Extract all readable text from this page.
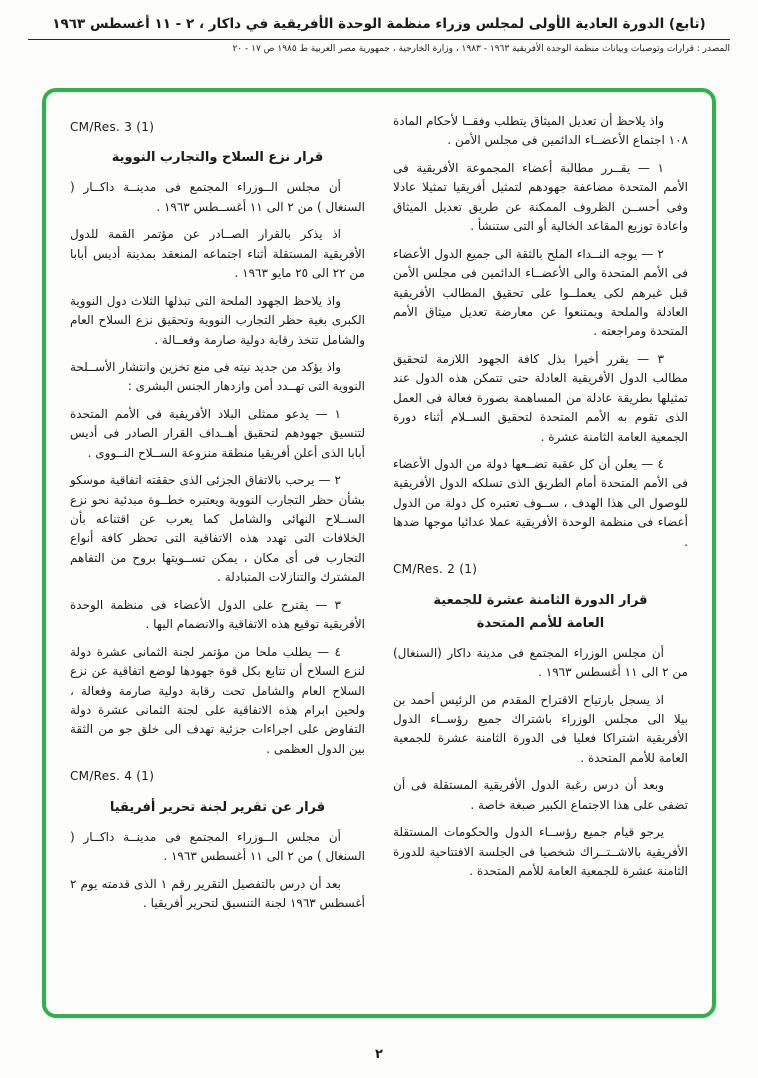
(تابع) الدورة العادية الأولى لمجلس وزراء منظمة الوحدة الأفريقية في داكار ، ٢ - ١١ أغسطس ١٩٦٣
المصدر : قرارات وتوصيات وبيانات منظمة الوحدة الأفريقية ١٩٦٣ - ١٩٨٣ ، وزارة الخارجية ، جمهورية مصر العربية ط ١٩٨٥ ص ١٧ - ٢٠

واذ يلاحظ أن تعديل الميثاق يتطلب وفقــا لأحكام المادة ١٠٨ اجتماع الأعضــاء الدائمين فى مجلس الأمن .

١ — يقــرر مطالبة أعضاء المجموعة الأفريقية فى الأمم المتحدة مضاعفة جهودهم لتمثيل أفريقيا تمثيلا عادلا وفى أحســن الظروف الممكنة عن طريق تعديل الميثاق واعادة توزيع المقاعد الخالية أو التى ستنشأ .

٢ — يوجه النــداء الملح بالثقة الى جميع الدول الأعضاء فى الأمم المتحدة والى الأعضــاء الدائمين فى مجلس الأمن قبل غيرهم لكى يعملــوا على تحقيق المطالب الأفريقية العادلة والملحة ويمتنعوا عن معارضة تعديل ميثاق الأمم المتحدة ومراجعته .

٣ — يقرر أخيرا بذل كافة الجهود اللازمة لتحقيق مطالب الدول الأفريقية العادلة حتى تتمكن هذه الدول عند تمثيلها بطريقة عادلة من المساهمة بصورة فعالة فى العمل الذى تقوم به الأمم المتحدة لتحقيق الســلام أثناء دورة الجمعية العامة الثامنة عشرة .

٤ — يعلن أن كل عقبة تضــعها دولة من الدول الأعضاء فى الأمم المتحدة أمام الطريق الذى تسلكه الدول الأفريقية للوصول الى هذا الهدف ، ســوف تعتبره كل دولة من الدول أعضاء فى منظمة الوحدة الأفريقية عملا عدائيا موجها ضدها .

CM/Res. 2 (1)

قرار الدورة الثامنة عشرة للجمعية

العامة للأمم المتحدة

أن مجلس الوزراء المجتمع فى مدينة داكار (السنغال) من ٢ الى ١١ أغسطس ١٩٦٣ .

اذ يسجل بارتياح الاقتراح المقدم من الرئيس أحمد بن بيلا الى مجلس الوزراء باشتراك جميع رؤســاء الدول الأفريقية اشتراكا فعليا فى الدورة الثامنة عشرة للجمعية العامة للأمم المتحدة .

وبعد أن درس رغبة الدول الأفريقية المستقلة فى أن تضفى على هذا الاجتماع الكبير صبغة خاصة .

يرجو قيام جميع رؤســاء الدول والحكومات المستقلة الأفريقية بالاشــتــراك شخصيا فى الجلسة الافتتاحية للدورة الثامنة عشرة للجمعية العامة للأمم المتحدة .

CM/Res. 3 (1)

قرار نزع السلاح والتجارب النووية

أن مجلس الــوزراء المجتمع فى مدينــة داكــار ( السنغال ) من ٢ الى ١١ أغســطس ١٩٦٣ .

اذ يذكر بالقرار الصــادر عن مؤتمر القمة للدول الأفريقية المستقلة أثناء اجتماعه المنعقد بمدينة أديس أبابا من ٢٢ الى ٢٥ مايو ١٩٦٣ .

واذ يلاحظ الجهود الملحة التى تبذلها الثلاث دول النووية الكبرى بغية حظر التجارب النووية وتحقيق نزع السلاح العام والشامل تتخذ رقابة دولية صارمة وفعــالة .

واذ يؤكد من جديد نيته فى منع تخزين وانتشار الأســلحة النووية التى تهــدد أمن وازدهار الجنس البشرى :

١ — يدعو ممثلى البلاد الأفريقية فى الأمم المتحدة لتنسيق جهودهم لتحقيق أهــداف القرار الصادر فى أديس أبابا الذى أعلن أفريقيا منطقة منزوعة الســلاح النــووى .

٢ — يرحب بالاتفاق الجزئى الذى حققته اتفاقية موسكو بشأن حظر التجارب النووية ويعتبره خطــوة مبدئية نحو نزع الســلاح النهائى والشامل كما يعرب عن اقتناعه بأن الخلافات التى تهدد هذه الاتفاقية التى تحظر كافة أنواع التجارب فى أى مكان ، يمكن تســويتها بروح من التفاهم المشترك والتنازلات المتبادلة .

٣ — يقترح على الدول الأعضاء فى منظمة الوحدة الأفريقية توقيع هذه الاتفاقية والانضمام اليها .

٤ — يطلب ملحا من مؤتمر لجنة الثمانى عشرة دولة لنزع السلاح أن تتابع بكل قوة جهودها لوضع اتفاقية عن نزع السلاح العام والشامل تحت رقابة دولية صارمة وفعالة ، ولحين ابرام هذه الاتفاقية على لجنة الثمانى عشرة دولة التفاوض على اجراءات جزئية تهدف الى خلق جو من الثقة بين الدول العظمى .

CM/Res. 4 (1)

قرار عن تقرير لجنة تحرير أفريقيا

أن مجلس الــوزراء المجتمع فى مدينــة داكــار ( السنغال ) من ٢ الى ١١ أغسطس ١٩٦٣ .

بعد أن درس بالتفصيل التقرير رقم ١ الذى قدمته يوم ٢ أغسطس ١٩٦٣ لجنة التنسيق لتحرير أفريقيا .

٢
